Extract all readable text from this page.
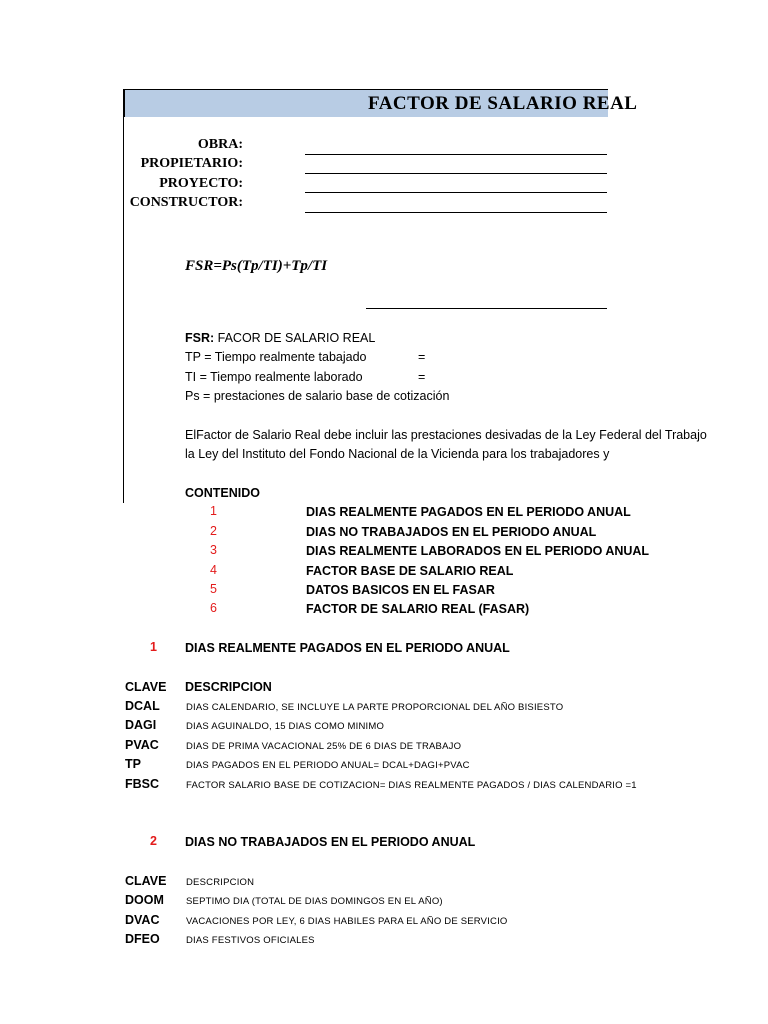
FACTOR DE SALARIO REAL
OBRA:
PROPIETARIO:
PROYECTO:
CONSTRUCTOR:
FSR=Ps(Tp/TI)+Tp/TI
FSR: FACOR DE SALARIO REAL
TP = Tiempo realmente tabajado	=
TI = Tiempo realmente laborado	=
Ps = prestaciones de salario base de cotización
ElFactor de Salario Real debe incluir las prestaciones desivadas de la Ley Federal del Trabajo
la Ley del Instituto del Fondo Nacional de la Vicienda para los trabajadores y
CONTENIDO
1	DIAS REALMENTE PAGADOS EN EL PERIODO ANUAL
2	DIAS NO TRABAJADOS EN EL PERIODO ANUAL
3	DIAS REALMENTE LABORADOS EN EL PERIODO ANUAL
4	FACTOR BASE DE SALARIO REAL
5	DATOS BASICOS EN EL FASAR
6	FACTOR DE SALARIO REAL (FASAR)
1 DIAS REALMENTE PAGADOS EN EL PERIODO ANUAL
CLAVE DESCRIPCION
DCAL	DIAS CALENDARIO, SE INCLUYE LA PARTE PROPORCIONAL DEL AÑO BISIESTO
DAGI	DIAS AGUINALDO, 15 DIAS COMO MINIMO
PVAC	DIAS DE PRIMA VACACIONAL 25% DE 6 DIAS DE TRABAJO
TP	DIAS PAGADOS EN EL PERIODO ANUAL= DCAL+DAGI+PVAC
FBSC	FACTOR SALARIO BASE DE COTIZACION= DIAS REALMENTE PAGADOS / DIAS CALENDARIO =1
2 DIAS NO TRABAJADOS EN EL PERIODO ANUAL
CLAVE DESCRIPCION
DOOM SEPTIMO DIA (TOTAL DE DIAS DOMINGOS EN EL AÑO)
DVAC	VACACIONES POR LEY, 6 DIAS HABILES PARA EL AÑO DE SERVICIO
DFEO	DIAS FESTIVOS OFICIALES
